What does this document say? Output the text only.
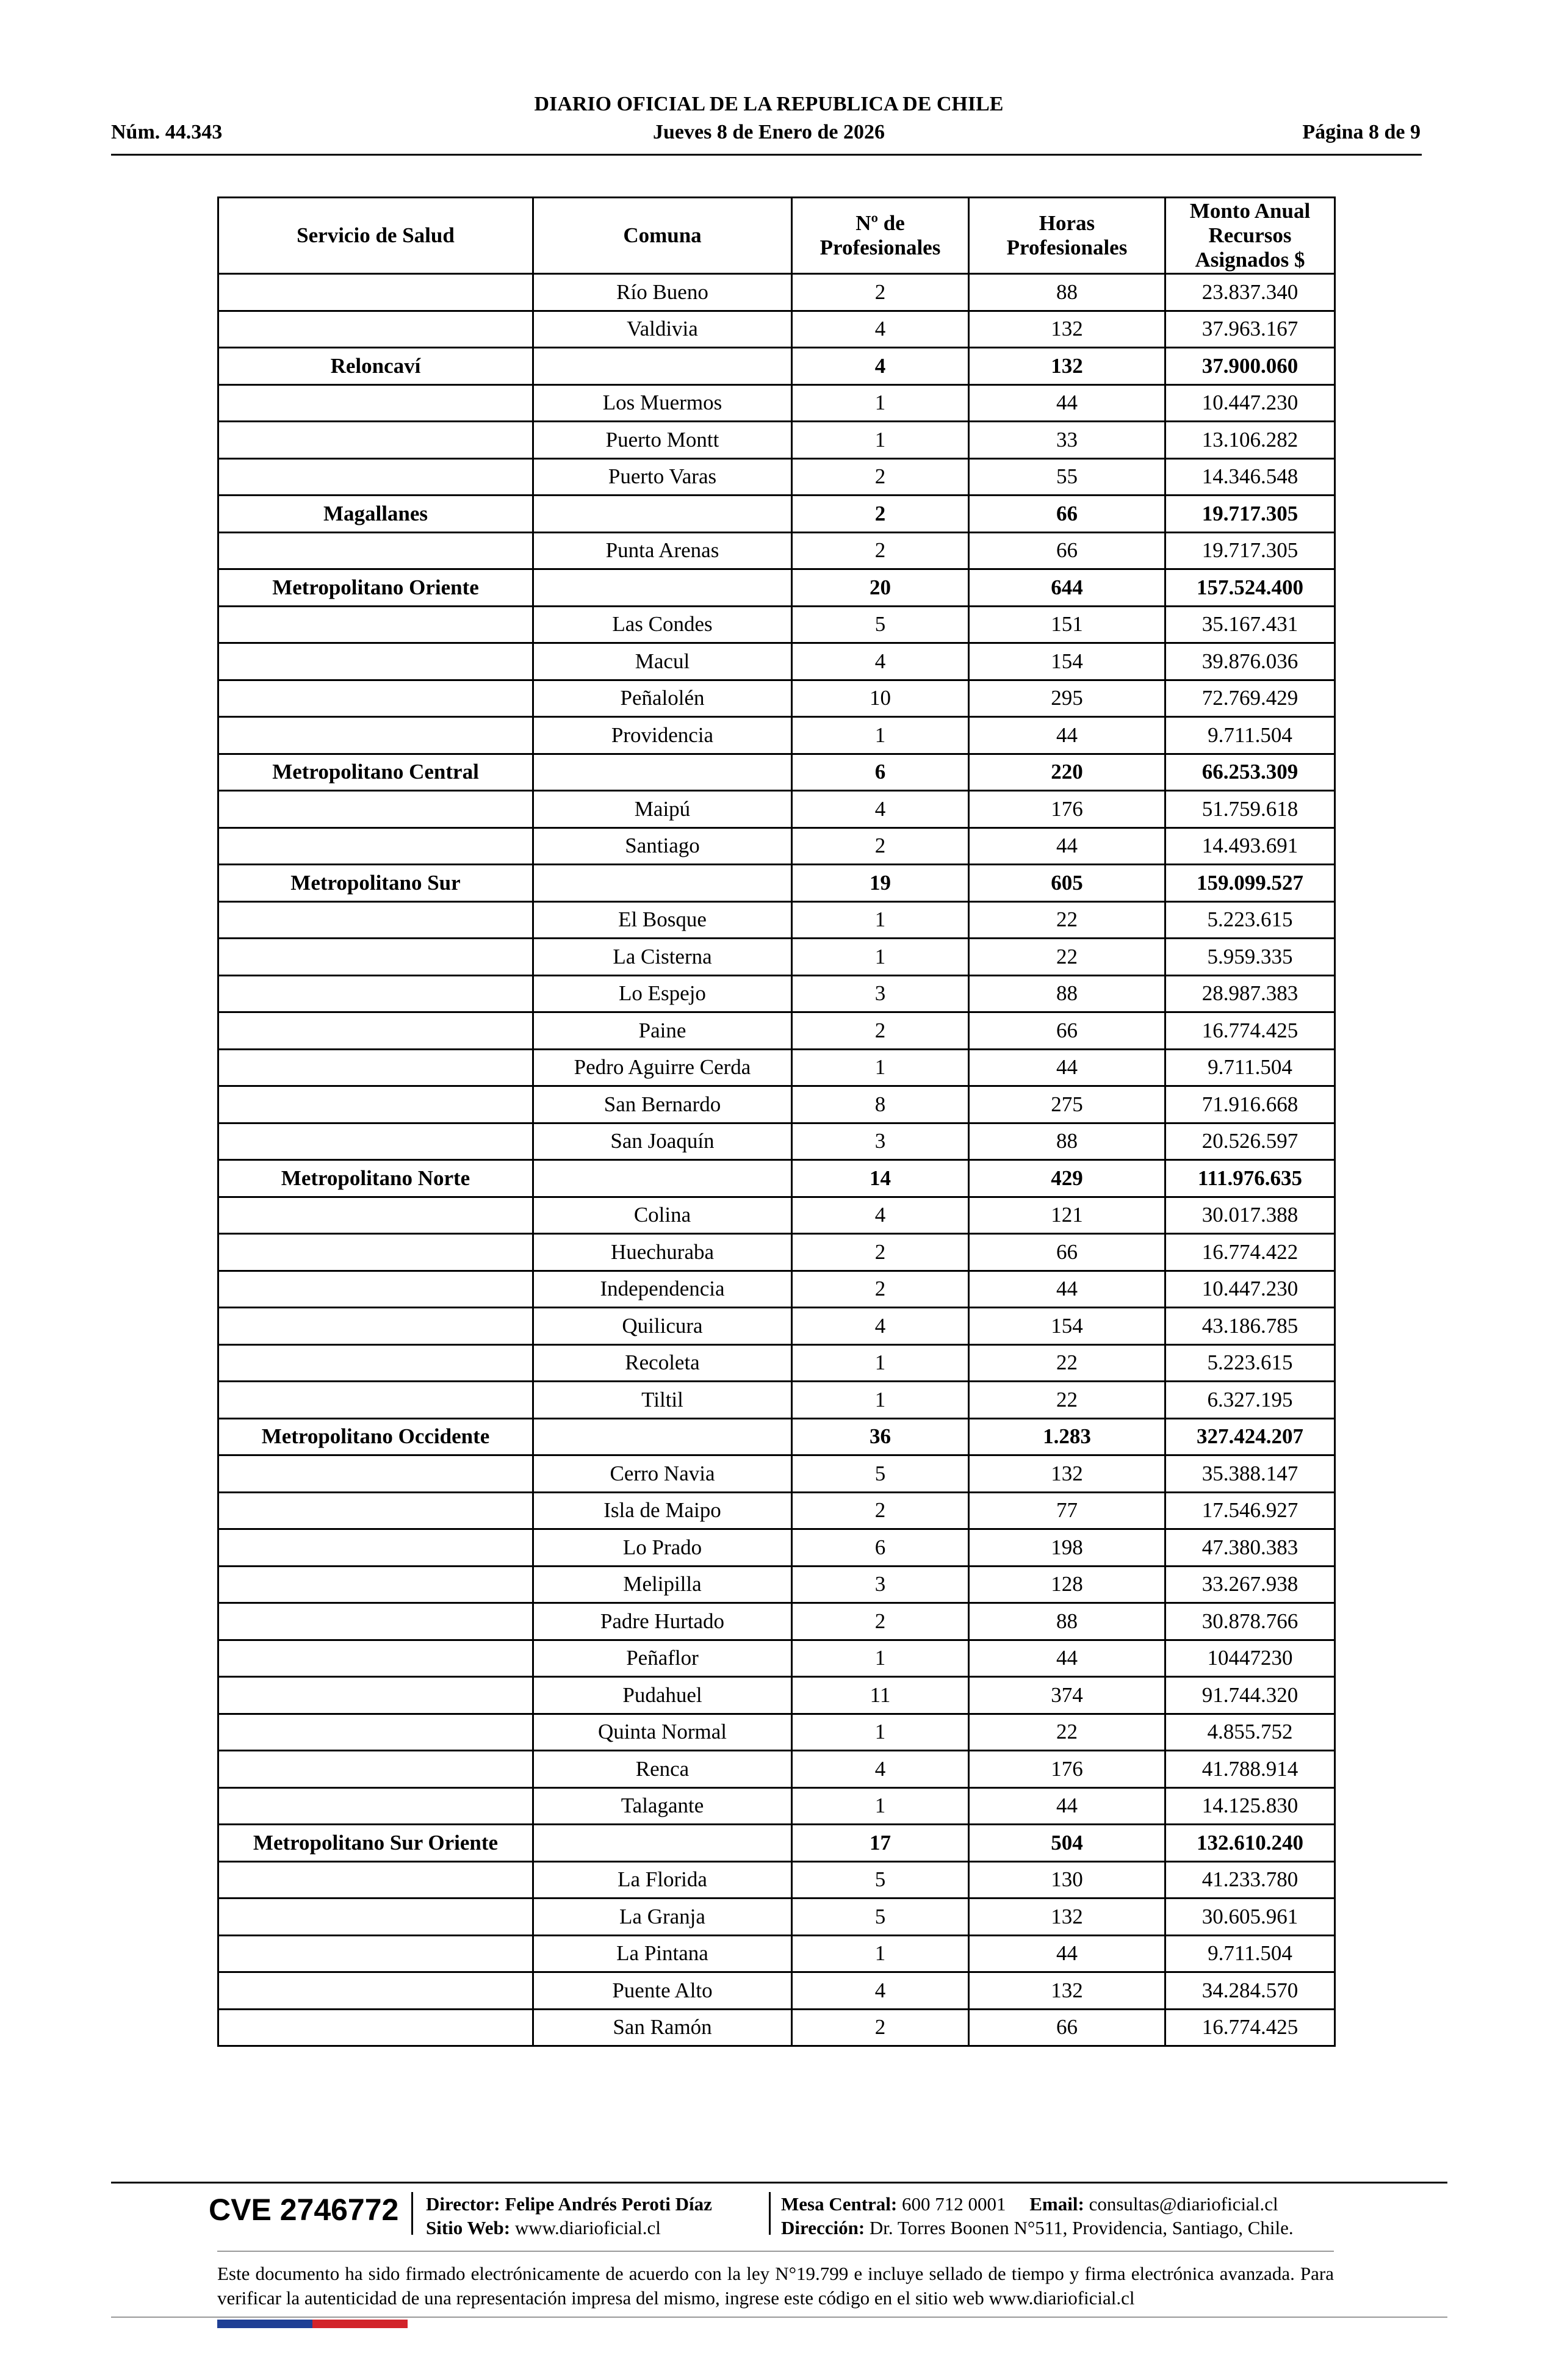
DIARIO OFICIAL DE LA REPUBLICA DE CHILE
Núm. 44.343	Jueves 8 de Enero de 2026	Página 8 de 9
Servicio de Salud	Comuna	Nº de Profesionales	Horas Profesionales	Monto Anual Recursos Asignados $
	Río Bueno	2	88	23.837.340
	Valdivia	4	132	37.963.167
Reloncaví		4	132	37.900.060
	Los Muermos	1	44	10.447.230
	Puerto Montt	1	33	13.106.282
	Puerto Varas	2	55	14.346.548
Magallanes		2	66	19.717.305
	Punta Arenas	2	66	19.717.305
Metropolitano Oriente		20	644	157.524.400
	Las Condes	5	151	35.167.431
	Macul	4	154	39.876.036
	Peñalolén	10	295	72.769.429
	Providencia	1	44	9.711.504
Metropolitano Central		6	220	66.253.309
	Maipú	4	176	51.759.618
	Santiago	2	44	14.493.691
Metropolitano Sur		19	605	159.099.527
	El Bosque	1	22	5.223.615
	La Cisterna	1	22	5.959.335
	Lo Espejo	3	88	28.987.383
	Paine	2	66	16.774.425
	Pedro Aguirre Cerda	1	44	9.711.504
	San Bernardo	8	275	71.916.668
	San Joaquín	3	88	20.526.597
Metropolitano Norte		14	429	111.976.635
	Colina	4	121	30.017.388
	Huechuraba	2	66	16.774.422
	Independencia	2	44	10.447.230
	Quilicura	4	154	43.186.785
	Recoleta	1	22	5.223.615
	Tiltil	1	22	6.327.195
Metropolitano Occidente		36	1.283	327.424.207
	Cerro Navia	5	132	35.388.147
	Isla de Maipo	2	77	17.546.927
	Lo Prado	6	198	47.380.383
	Melipilla	3	128	33.267.938
	Padre Hurtado	2	88	30.878.766
	Peñaflor	1	44	10447230
	Pudahuel	11	374	91.744.320
	Quinta Normal	1	22	4.855.752
	Renca	4	176	41.788.914
	Talagante	1	44	14.125.830
Metropolitano Sur Oriente		17	504	132.610.240
	La Florida	5	130	41.233.780
	La Granja	5	132	30.605.961
	La Pintana	1	44	9.711.504
	Puente Alto	4	132	34.284.570
	San Ramón	2	66	16.774.425
CVE 2746772 Director: Felipe Andrés Peroti Díaz
Sitio Web: www.diarioficial.cl
Mesa Central: 600 712 0001 Email: consultas@diarioficial.cl
Dirección: Dr. Torres Boonen N°511, Providencia, Santiago, Chile.
Este documento ha sido firmado electrónicamente de acuerdo con la ley N°19.799 e incluye sellado de tiempo y firma electrónica avanzada. Para verificar la autenticidad de una representación impresa del mismo, ingrese este código en el sitio web www.diarioficial.cl
